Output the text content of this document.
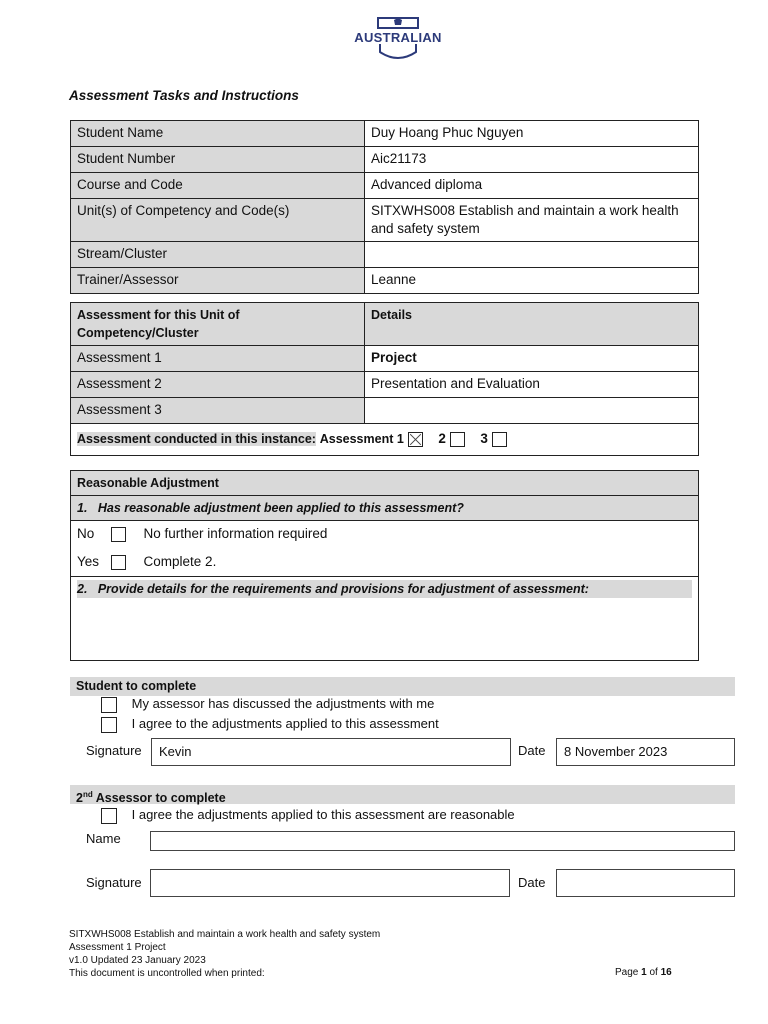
AUSTRALIAN
Assessment Tasks and Instructions
Student Name	Duy Hoang Phuc Nguyen
Student Number	Aic21173
Course and Code	Advanced diploma
Unit(s) of Competency and Code(s)	SITXWHS008 Establish and maintain a work health and safety system
Stream/Cluster	
Trainer/Assessor	Leanne
Assessment for this Unit of Competency/Cluster	Details
Assessment 1	Project
Assessment 2	Presentation and Evaluation
Assessment 3	
Assessment conducted in this instance: Assessment 1 2 3	
Reasonable Adjustment
1.   Has reasonable adjustment been applied to this assessment?

No	No further information required
Yes	Complete 2.

2.   Provide details for the requirements and provisions for adjustment of assessment:
Student to complete
My assessor has discussed the adjustments with me
I agree to the adjustments applied to this assessment
Signature	Kevin	Date	8 November 2023
2nd Assessor to complete
I agree the adjustments applied to this assessment are reasonable
Name
Signature	Date
SITXWHS008 Establish and maintain a work health and safety system
Assessment 1 Project
v1.0 Updated 23 January 2023
This document is uncontrolled when printed:	Page 1 of 16
